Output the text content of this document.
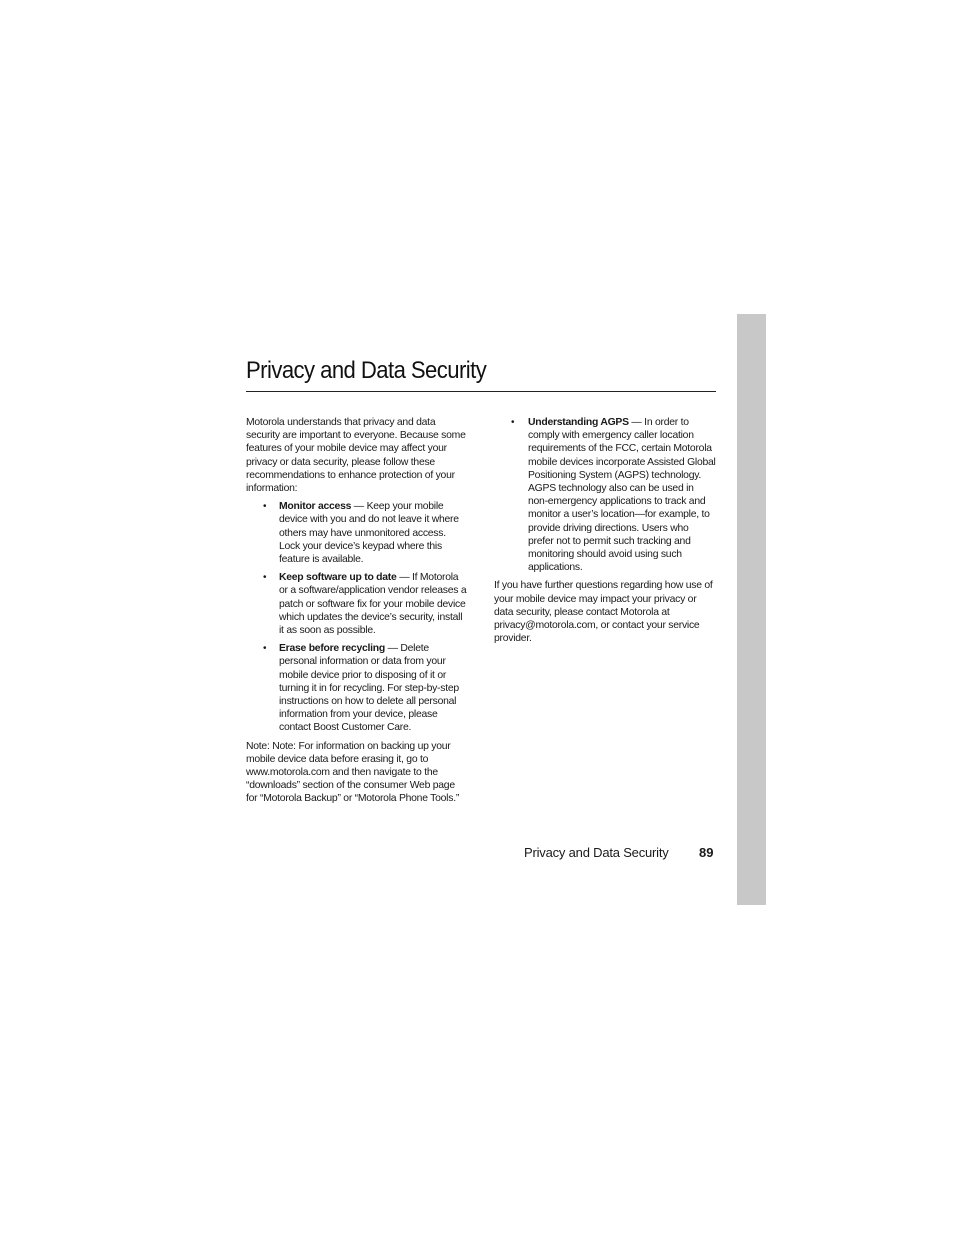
Privacy and Data Security

Motorola understands that privacy and data security are important to everyone. Because some features of your mobile device may affect your privacy or data security, please follow these recommendations to enhance protection of your information:

• Monitor access — Keep your mobile device with you and do not leave it where others may have unmonitored access. Lock your device’s keypad where this feature is available.
• Keep software up to date — If Motorola or a software/application vendor releases a patch or software fix for your mobile device which updates the device’s security, install it as soon as possible.
• Erase before recycling — Delete personal information or data from your mobile device prior to disposing of it or turning it in for recycling. For step-by-step instructions on how to delete all personal information from your device, please contact Boost Customer Care.

Note: Note: For information on backing up your mobile device data before erasing it, go to www.motorola.com and then navigate to the “downloads” section of the consumer Web page for “Motorola Backup” or “Motorola Phone Tools.”

• Understanding AGPS — In order to comply with emergency caller location requirements of the FCC, certain Motorola mobile devices incorporate Assisted Global Positioning System (AGPS) technology. AGPS technology also can be used in non-emergency applications to track and monitor a user’s location—for example, to provide driving directions. Users who prefer not to permit such tracking and monitoring should avoid using such applications.

If you have further questions regarding how use of your mobile device may impact your privacy or data security, please contact Motorola at privacy@motorola.com, or contact your service provider.

Privacy and Data Security 89
